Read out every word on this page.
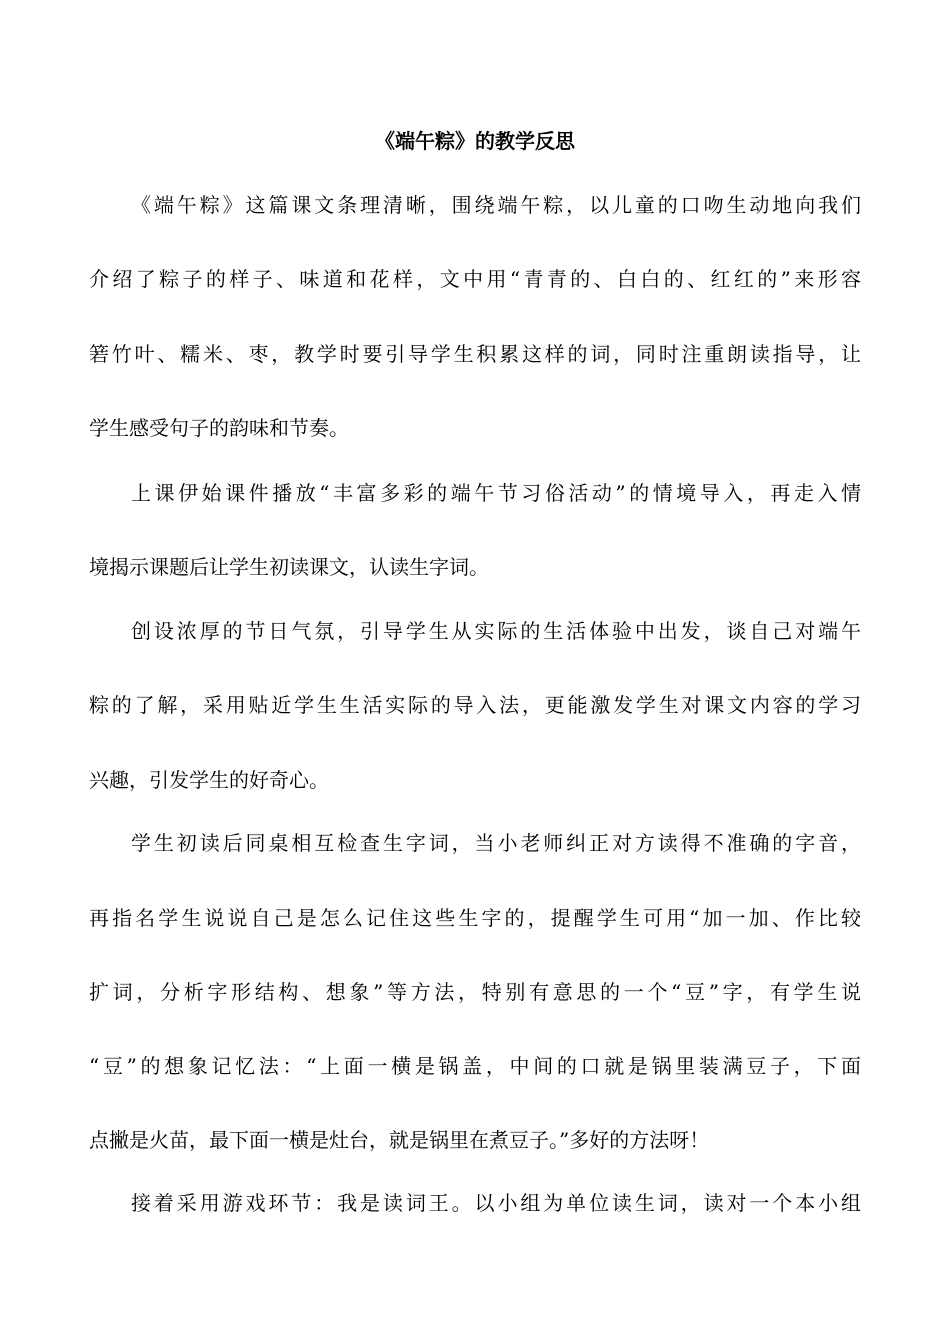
《端午粽》的教学反思

《端午粽》这篇课文条理清晰，围绕端午粽，以儿童的口吻生动地向我们

介绍了粽子的样子、味道和花样，文中用“青青的、白白的、红红的”来形容

箬竹叶、糯米、枣，教学时要引导学生积累这样的词，同时注重朗读指导，让

学生感受句子的韵味和节奏。

上课伊始课件播放“丰富多彩的端午节习俗活动”的情境导入，再走入情

境揭示课题后让学生初读课文，认读生字词。

创设浓厚的节日气氛，引导学生从实际的生活体验中出发，谈自己对端午

粽的了解，采用贴近学生生活实际的导入法，更能激发学生对课文内容的学习

兴趣，引发学生的好奇心。

学生初读后同桌相互检查生字词，当小老师纠正对方读得不准确的字音，

再指名学生说说自己是怎么记住这些生字的，提醒学生可用“加一加、作比较

扩词，分析字形结构、想象”等方法，特别有意思的一个“豆”字，有学生说

“豆”的想象记忆法：“上面一横是锅盖，中间的口就是锅里装满豆子，下面

点撇是火苗，最下面一横是灶台，就是锅里在煮豆子。”多好的方法呀！

接着采用游戏环节：我是读词王。以小组为单位读生词，读对一个本小组
